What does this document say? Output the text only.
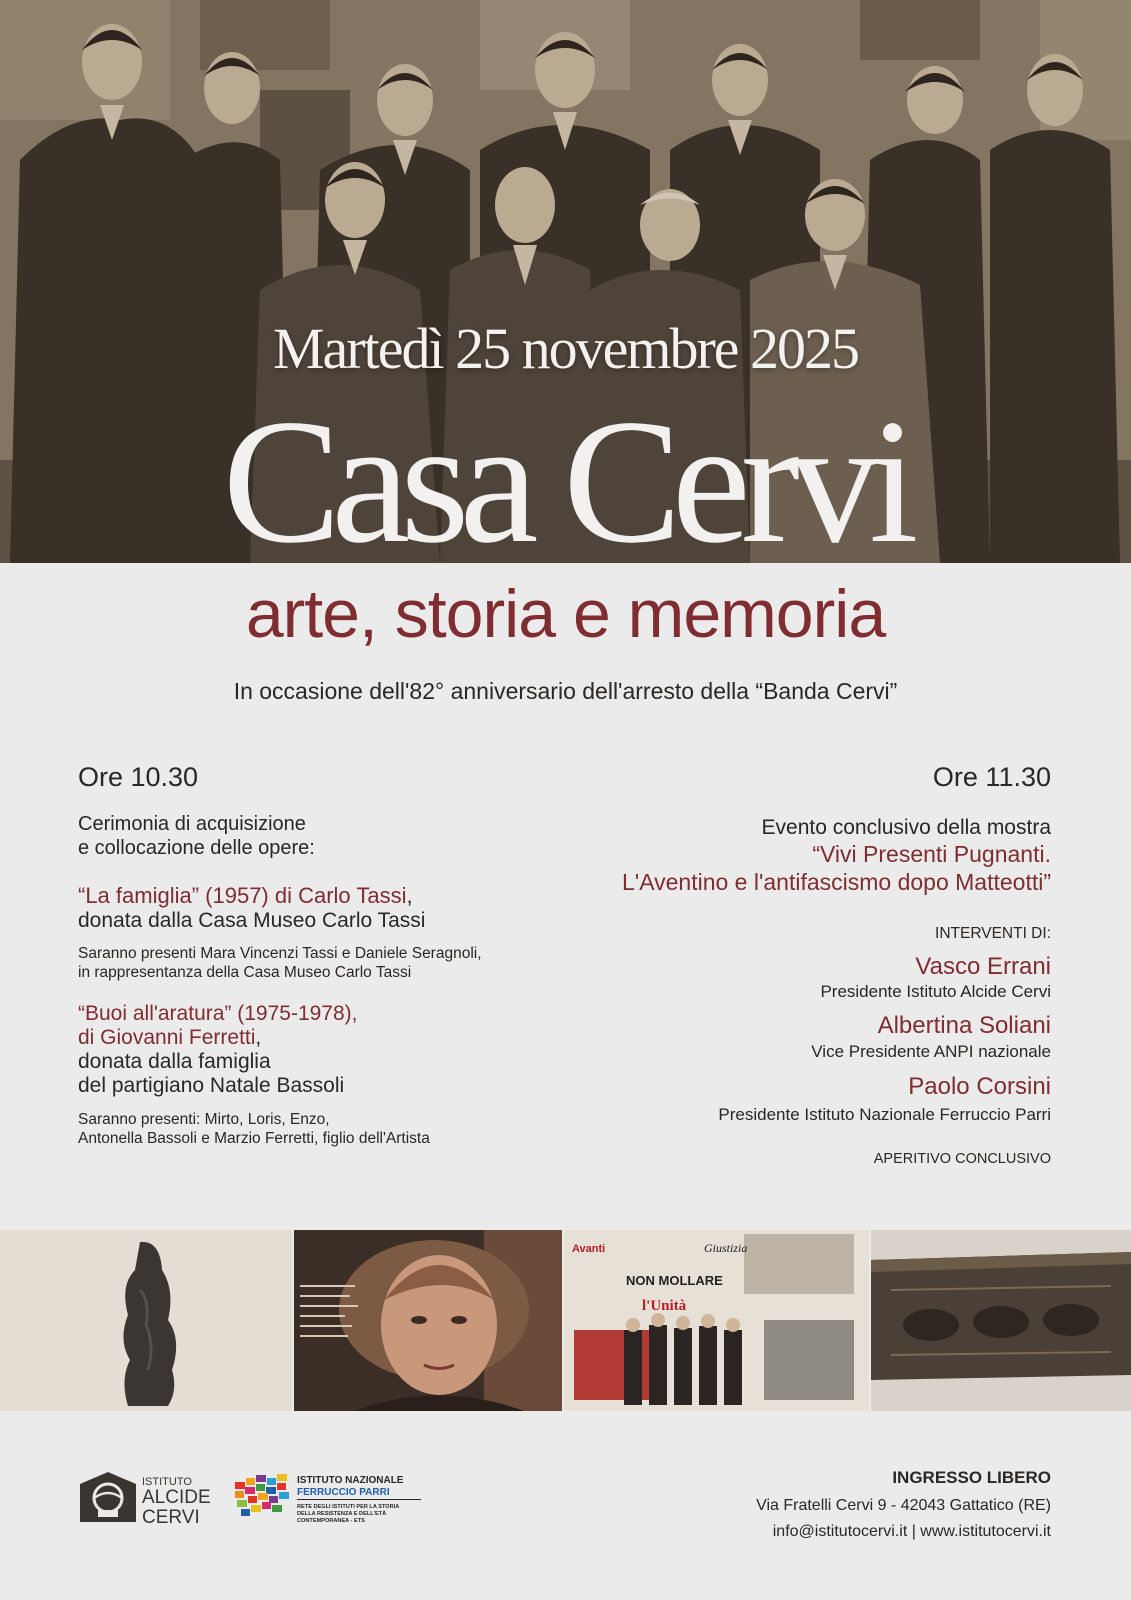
Martedì 25 novembre 2025
Casa Cervi
arte, storia e memoria
In occasione dell'82° anniversario dell'arresto della “Banda Cervi”
Ore 10.30
Cerimonia di acquisizione
e collocazione delle opere:
“La famiglia” (1957) di Carlo Tassi,
donata dalla Casa Museo Carlo Tassi
Saranno presenti Mara Vincenzi Tassi e Daniele Seragnoli,
in rappresentanza della Casa Museo Carlo Tassi
“Buoi all'aratura” (1975-1978),
di Giovanni Ferretti,
donata dalla famiglia
del partigiano Natale Bassoli
Saranno presenti: Mirto, Loris, Enzo,
Antonella Bassoli e Marzio Ferretti, figlio dell'Artista
Ore 11.30
Evento conclusivo della mostra
“Vivi Presenti Pugnanti.
L'Aventino e l'antifascismo dopo Matteotti”
INTERVENTI DI:
Vasco Errani
Presidente Istituto Alcide Cervi
Albertina Soliani
Vice Presidente ANPI nazionale
Paolo Corsini
Presidente Istituto Nazionale Ferruccio Parri
APERITIVO CONCLUSIVO
NON MOLLARE
l'Unità
Giustizia
Avanti
ISTITUTO
ALCIDE
CERVI
ISTITUTO NAZIONALE
FERRUCCIO PARRI
RETE DEGLI ISTITUTI PER LA STORIA
DELLA RESISTENZA E DELL'ETÀ
CONTEMPORANEA - ETS
INGRESSO LIBERO
Via Fratelli Cervi 9 - 42043 Gattatico (RE)
info@istitutocervi.it | www.istitutocervi.it
